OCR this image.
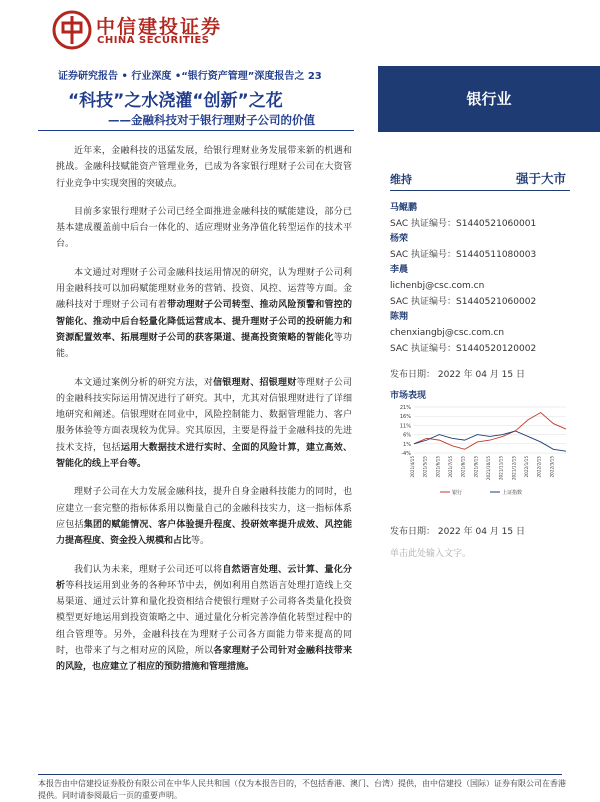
中信建投证券
CHINA SECURITIES
证券研究报告 • 行业深度 •“银行资产管理”深度报告之 23
“科技”之水浇灌“创新”之花
——金融科技对于银行理财子公司的价值
银行业

近年来，金融科技的迅猛发展，给银行理财业务发展带来新的机遇和挑战。金融科技赋能资产管理业务，已成为各家银行理财子公司在大资管行业竞争中实现突围的突破点。

目前多家银行理财子公司已经全面推进金融科技的赋能建设，部分已基本建成覆盖前中后台一体化的、适应理财业务净值化转型运作的技术平台。

本文通过对理财子公司金融科技运用情况的研究，认为理财子公司利用金融科技可以加码赋能理财业务的营销、投资、风控、运营等方面。金融科技对于理财子公司有着带动理财子公司转型、推动风险预警和管控的智能化、推动中后台轻量化降低运营成本、提升理财子公司的投研能力和资源配置效率、拓展理财子公司的获客渠道、提高投资策略的智能化等功能。

本文通过案例分析的研究方法，对信银理财、招银理财等理财子公司的金融科技实际运用情况进行了研究。其中，尤其对信银理财进行了详细地研究和阐述。信银理财在同业中，风险控制能力、数据管理能力、客户服务体验等方面表现较为优异。究其原因，主要是得益于金融科技的先进技术支持，包括运用大数据技术进行实时、全面的风险计算，建立高效、智能化的线上平台等。

理财子公司在大力发展金融科技，提升自身金融科技能力的同时，也应建立一套完整的指标体系用以衡量自己的金融科技实力，这一指标体系应包括集团的赋能情况、客户体验提升程度、投研效率提升成效、风控能力提高程度、资金投入规模和占比等。

我们认为未来，理财子公司还可以将自然语言处理、云计算、量化分析等科技运用到业务的各种环节中去，例如利用自然语言处理打造线上交易渠道、通过云计算和量化投资相结合使银行理财子公司将各类量化投资模型更好地运用到投资策略之中、通过量化分析完善净值化转型过程中的组合管理等。另外，金融科技在为理财子公司各方面能力带来提高的同时，也带来了与之相对应的风险，所以各家理财子公司针对金融科技带来的风险，也应建立了相应的预防措施和管理措施。

维持	强于大市
马鲲鹏
SAC 执证编号：S1440521060001
杨荣
SAC 执证编号：S1440511080003
李晨
lichenbj@csc.com.cn
SAC 执证编号：S1440521060002
陈翔
chenxiangbj@csc.com.cn
SAC 执证编号：S1440520120002
发布日期： 2022 年 04 月 15 日
市场表现
21%
16%
11%
6%
1%
-4%
2021/4/15 2021/5/15 2021/6/15 2021/7/15 2021/8/15 2021/9/15 2021/10/15 2021/11/15 2021/12/15 2022/1/15 2022/2/15 2022/3/15
银行	上证指数
发布日期： 2022 年 04 月 15 日
单击此处输入文字。
本报告由中信建投证券股份有限公司在中华人民共和国（仅为本报告目的，不包括香港、澳门、台湾）提供，由中信建投（国际）证券有限公司在香港提供。同时请参阅最后一页的重要声明。
